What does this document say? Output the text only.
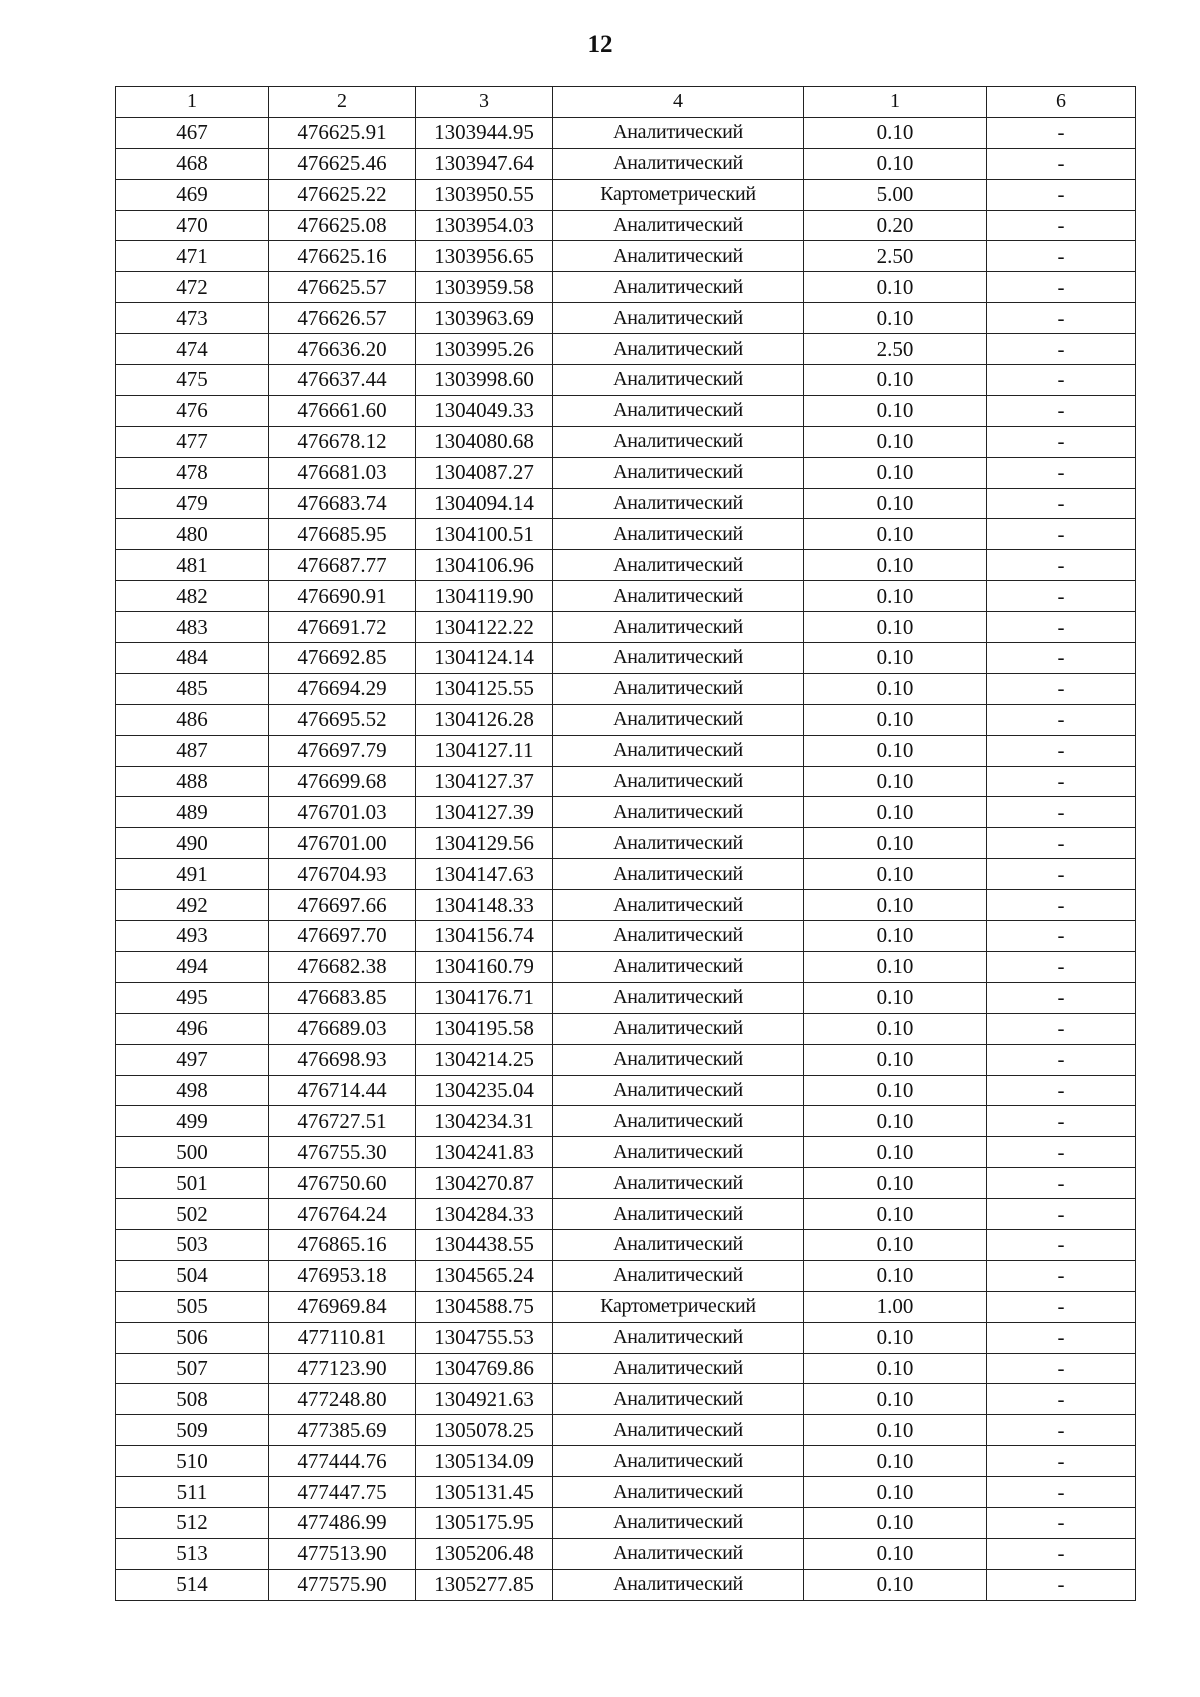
12
1	2	3	4	1	6
467	476625.91	1303944.95	Аналитический	0.10	-
468	476625.46	1303947.64	Аналитический	0.10	-
469	476625.22	1303950.55	Картометрический	5.00	-
470	476625.08	1303954.03	Аналитический	0.20	-
471	476625.16	1303956.65	Аналитический	2.50	-
472	476625.57	1303959.58	Аналитический	0.10	-
473	476626.57	1303963.69	Аналитический	0.10	-
474	476636.20	1303995.26	Аналитический	2.50	-
475	476637.44	1303998.60	Аналитический	0.10	-
476	476661.60	1304049.33	Аналитический	0.10	-
477	476678.12	1304080.68	Аналитический	0.10	-
478	476681.03	1304087.27	Аналитический	0.10	-
479	476683.74	1304094.14	Аналитический	0.10	-
480	476685.95	1304100.51	Аналитический	0.10	-
481	476687.77	1304106.96	Аналитический	0.10	-
482	476690.91	1304119.90	Аналитический	0.10	-
483	476691.72	1304122.22	Аналитический	0.10	-
484	476692.85	1304124.14	Аналитический	0.10	-
485	476694.29	1304125.55	Аналитический	0.10	-
486	476695.52	1304126.28	Аналитический	0.10	-
487	476697.79	1304127.11	Аналитический	0.10	-
488	476699.68	1304127.37	Аналитический	0.10	-
489	476701.03	1304127.39	Аналитический	0.10	-
490	476701.00	1304129.56	Аналитический	0.10	-
491	476704.93	1304147.63	Аналитический	0.10	-
492	476697.66	1304148.33	Аналитический	0.10	-
493	476697.70	1304156.74	Аналитический	0.10	-
494	476682.38	1304160.79	Аналитический	0.10	-
495	476683.85	1304176.71	Аналитический	0.10	-
496	476689.03	1304195.58	Аналитический	0.10	-
497	476698.93	1304214.25	Аналитический	0.10	-
498	476714.44	1304235.04	Аналитический	0.10	-
499	476727.51	1304234.31	Аналитический	0.10	-
500	476755.30	1304241.83	Аналитический	0.10	-
501	476750.60	1304270.87	Аналитический	0.10	-
502	476764.24	1304284.33	Аналитический	0.10	-
503	476865.16	1304438.55	Аналитический	0.10	-
504	476953.18	1304565.24	Аналитический	0.10	-
505	476969.84	1304588.75	Картометрический	1.00	-
506	477110.81	1304755.53	Аналитический	0.10	-
507	477123.90	1304769.86	Аналитический	0.10	-
508	477248.80	1304921.63	Аналитический	0.10	-
509	477385.69	1305078.25	Аналитический	0.10	-
510	477444.76	1305134.09	Аналитический	0.10	-
511	477447.75	1305131.45	Аналитический	0.10	-
512	477486.99	1305175.95	Аналитический	0.10	-
513	477513.90	1305206.48	Аналитический	0.10	-
514	477575.90	1305277.85	Аналитический	0.10	-
